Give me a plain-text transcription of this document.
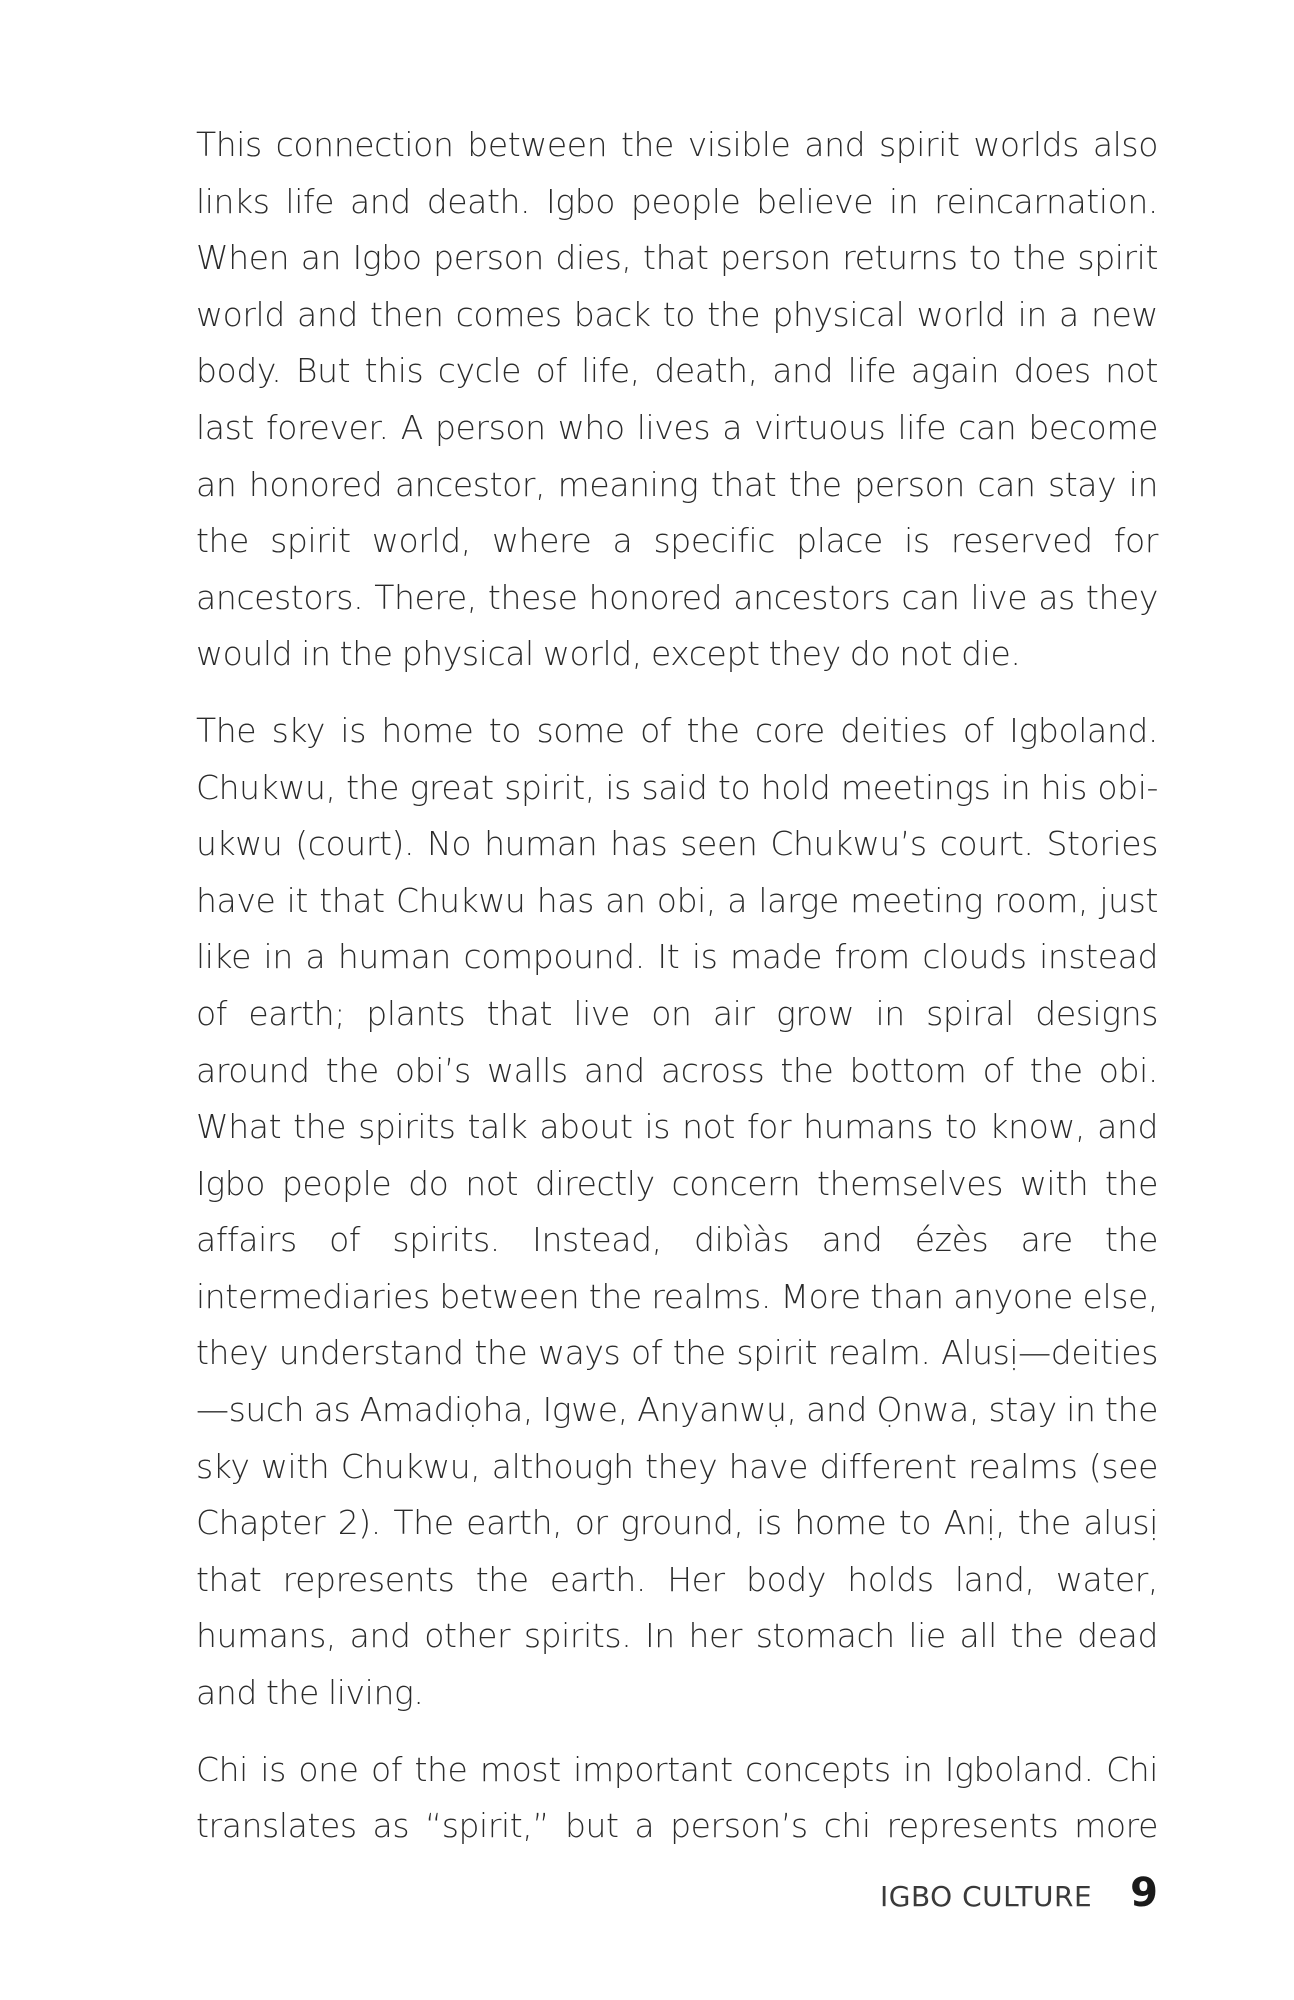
This connection between the visible and spirit worlds also links life and death. Igbo people believe in reincarnation. When an Igbo person dies, that person returns to the spirit world and then comes back to the physical world in a new body. But this cycle of life, death, and life again does not last forever. A person who lives a virtuous life can become an honored ancestor, meaning that the person can stay in the spirit world, where a specific place is reserved for ancestors. There, these honored ancestors can live as they would in the physical world, except they do not die.

The sky is home to some of the core deities of Igboland. Chukwu, the great spirit, is said to hold meetings in his obi-ukwu (court). No human has seen Chukwu’s court. Stories have it that Chukwu has an obi, a large meeting room, just like in a human compound. It is made from clouds instead of earth; plants that live on air grow in spiral designs around the obi’s walls and across the bottom of the obi. What the spirits talk about is not for humans to know, and Igbo people do not directly concern themselves with the affairs of spirits. Instead, dibìàs and ézès are the intermediaries between the realms. More than anyone else, they understand the ways of the spirit realm. Alusị—deities—such as Amadiọha, Igwe, Anyanwụ, and Ọnwa, stay in the sky with Chukwu, although they have different realms (see Chapter 2). The earth, or ground, is home to Anị, the alusị that represents the earth. Her body holds land, water, humans, and other spirits. In her stomach lie all the dead and the living.

Chi is one of the most important concepts in Igboland. Chi translates as “spirit,” but a person’s chi represents more

IGBO CULTURE 9
